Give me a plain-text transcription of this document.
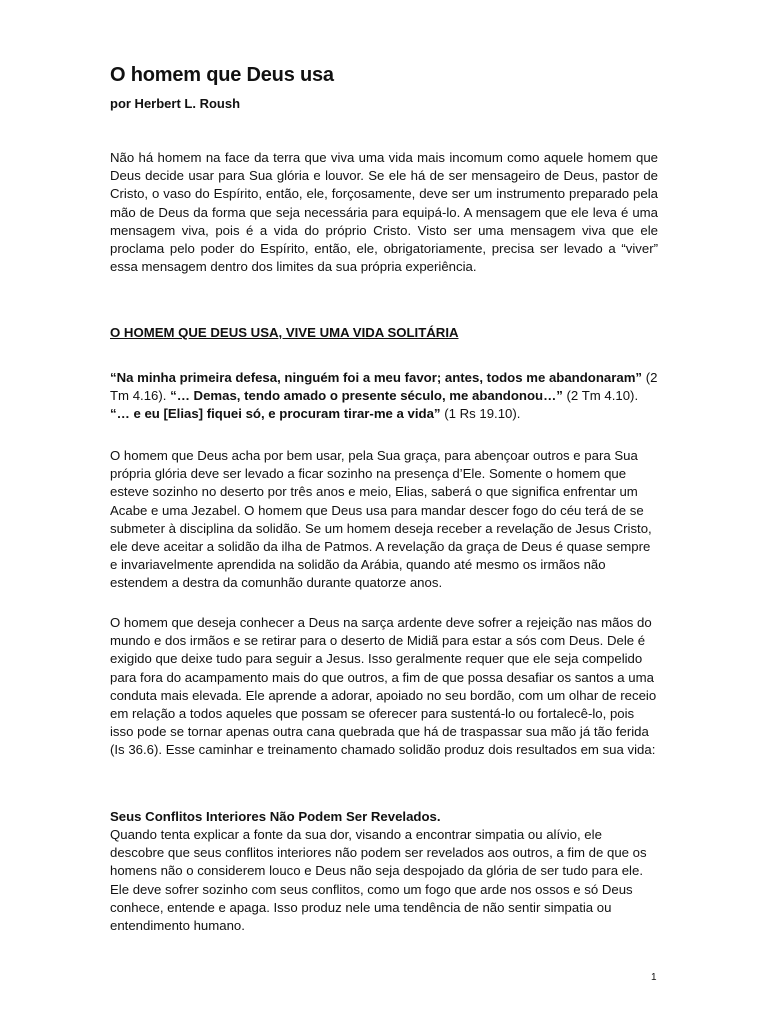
O homem que Deus usa
por Herbert L. Roush

Não há homem na face da terra que viva uma vida mais incomum como aquele homem que Deus decide usar para Sua glória e louvor. Se ele há de ser mensageiro de Deus, pastor de Cristo, o vaso do Espírito, então, ele, forçosamente, deve ser um instrumento preparado pela mão de Deus da forma que seja necessária para equipá-lo. A mensagem que ele leva é uma mensagem viva, pois é a vida do próprio Cristo. Visto ser uma mensagem viva que ele proclama pelo poder do Espírito, então, ele, obrigatoriamente, precisa ser levado a “viver” essa mensagem dentro dos limites da sua própria experiência.

O HOMEM QUE DEUS USA, VIVE UMA VIDA SOLITÁRIA

“Na minha primeira defesa, ninguém foi a meu favor; antes, todos me abandonaram” (2 Tm 4.16). “… Demas, tendo amado o presente século, me abandonou…” (2 Tm 4.10). “… e eu [Elias] fiquei só, e procuram tirar-me a vida” (1 Rs 19.10).

O homem que Deus acha por bem usar, pela Sua graça, para abençoar outros e para Sua própria glória deve ser levado a ficar sozinho na presença d’Ele. Somente o homem que esteve sozinho no deserto por três anos e meio, Elias, saberá o que significa enfrentar um Acabe e uma Jezabel. O homem que Deus usa para mandar descer fogo do céu terá de se submeter à disciplina da solidão. Se um homem deseja receber a revelação de Jesus Cristo, ele deve aceitar a solidão da ilha de Patmos. A revelação da graça de Deus é quase sempre e invariavelmente aprendida na solidão da Arábia, quando até mesmo os irmãos não estendem a destra da comunhão durante quatorze anos.

O homem que deseja conhecer a Deus na sarça ardente deve sofrer a rejeição nas mãos do mundo e dos irmãos e se retirar para o deserto de Midiã para estar a sós com Deus. Dele é exigido que deixe tudo para seguir a Jesus. Isso geralmente requer que ele seja compelido para fora do acampamento mais do que outros, a fim de que possa desafiar os santos a uma conduta mais elevada. Ele aprende a adorar, apoiado no seu bordão, com um olhar de receio em relação a todos aqueles que possam se oferecer para sustentá-lo ou fortalecê-lo, pois isso pode se tornar apenas outra cana quebrada que há de traspassar sua mão já tão ferida (Is 36.6). Esse caminhar e treinamento chamado solidão produz dois resultados em sua vida:

Seus Conflitos Interiores Não Podem Ser Revelados.

Quando tenta explicar a fonte da sua dor, visando a encontrar simpatia ou alívio, ele descobre que seus conflitos interiores não podem ser revelados aos outros, a fim de que os homens não o considerem louco e Deus não seja despojado da glória de ser tudo para ele. Ele deve sofrer sozinho com seus conflitos, como um fogo que arde nos ossos e só Deus conhece, entende e apaga. Isso produz nele uma tendência de não sentir simpatia ou entendimento humano.

1
